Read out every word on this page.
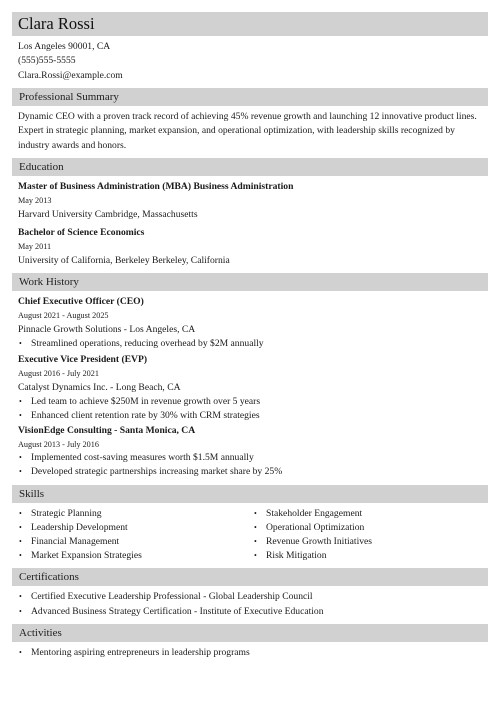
Clara Rossi
Los Angeles 90001, CA
(555)555-5555
Clara.Rossi@example.com
Professional Summary
Dynamic CEO with a proven track record of achieving 45% revenue growth and launching 12 innovative product lines. Expert in strategic planning, market expansion, and operational optimization, with leadership skills recognized by industry awards and honors.
Education
Master of Business Administration (MBA) Business Administration
May 2013
Harvard University Cambridge, Massachusetts
Bachelor of Science Economics
May 2011
University of California, Berkeley Berkeley, California
Work History
Chief Executive Officer (CEO)
August 2021 - August 2025
Pinnacle Growth Solutions - Los Angeles, CA
• Streamlined operations, reducing overhead by $2M annually
Executive Vice President (EVP)
August 2016 - July 2021
Catalyst Dynamics Inc. - Long Beach, CA
• Led team to achieve $250M in revenue growth over 5 years
• Enhanced client retention rate by 30% with CRM strategies
VisionEdge Consulting - Santa Monica, CA
August 2013 - July 2016
• Implemented cost-saving measures worth $1.5M annually
• Developed strategic partnerships increasing market share by 25%
Skills
• Strategic Planning
• Leadership Development
• Financial Management
• Market Expansion Strategies
• Stakeholder Engagement
• Operational Optimization
• Revenue Growth Initiatives
• Risk Mitigation
Certifications
• Certified Executive Leadership Professional - Global Leadership Council
• Advanced Business Strategy Certification - Institute of Executive Education
Activities
• Mentoring aspiring entrepreneurs in leadership programs
